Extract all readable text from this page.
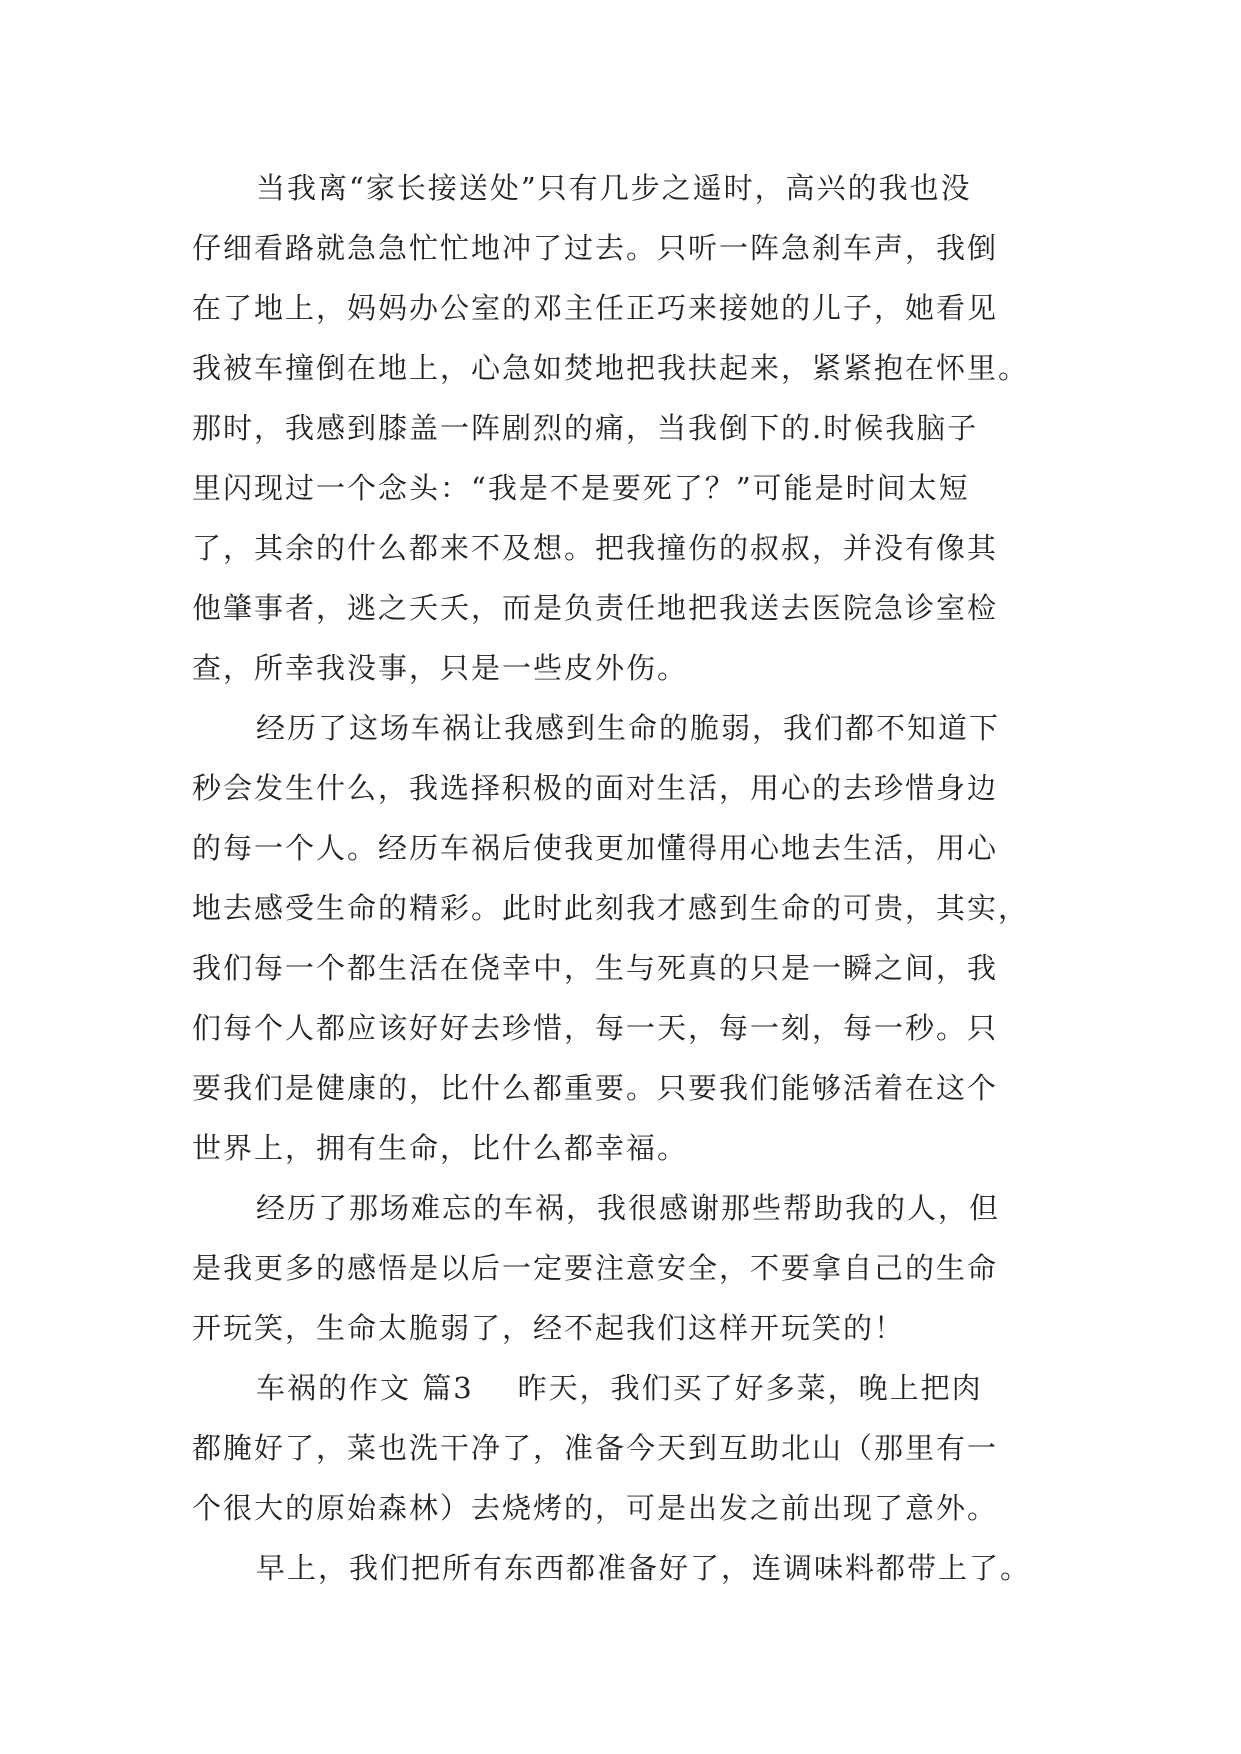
当我离“家长接送处”只有几步之遥时，高兴的我也没
仔细看路就急急忙忙地冲了过去。只听一阵急刹车声，我倒
在了地上，妈妈办公室的邓主任正巧来接她的儿子，她看见
我被车撞倒在地上，心急如焚地把我扶起来，紧紧抱在怀里。
那时，我感到膝盖一阵剧烈的痛，当我倒下的.时候我脑子
里闪现过一个念头：“我是不是要死了？”可能是时间太短
了，其余的什么都来不及想。把我撞伤的叔叔，并没有像其
他肇事者，逃之夭夭，而是负责任地把我送去医院急诊室检
查，所幸我没事，只是一些皮外伤。
经历了这场车祸让我感到生命的脆弱，我们都不知道下
秒会发生什么，我选择积极的面对生活，用心的去珍惜身边
的每一个人。经历车祸后使我更加懂得用心地去生活，用心
地去感受生命的精彩。此时此刻我才感到生命的可贵，其实，
我们每一个都生活在侥幸中，生与死真的只是一瞬之间，我
们每个人都应该好好去珍惜，每一天，每一刻，每一秒。只
要我们是健康的，比什么都重要。只要我们能够活着在这个
世界上，拥有生命，比什么都幸福。
经历了那场难忘的车祸，我很感谢那些帮助我的人，但
是我更多的感悟是以后一定要注意安全，不要拿自己的生命
开玩笑，生命太脆弱了，经不起我们这样开玩笑的！
车祸的作文 篇3 昨天，我们买了好多菜，晚上把肉
都腌好了，菜也洗干净了，准备今天到互助北山（那里有一
个很大的原始森林）去烧烤的，可是出发之前出现了意外。
早上，我们把所有东西都准备好了，连调味料都带上了。
